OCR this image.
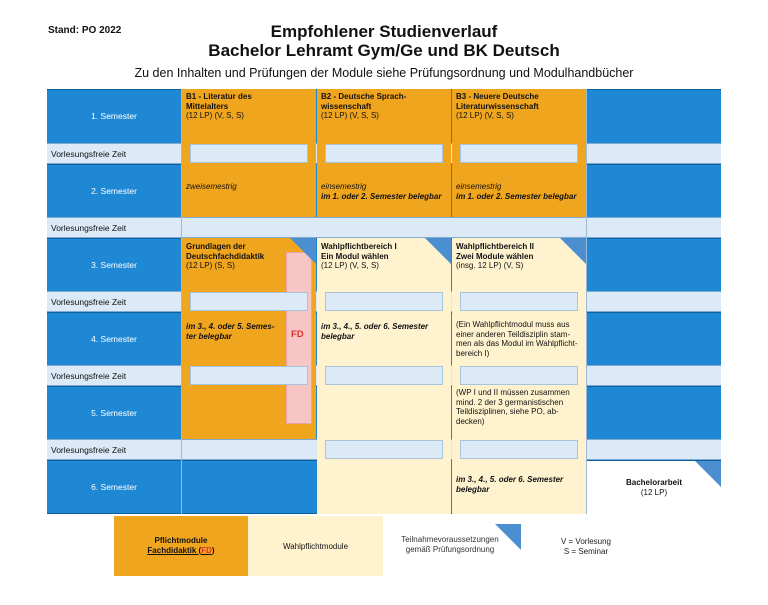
Stand: PO 2022	Empfohlener Studienverlauf
Bachelor Lehramt Gym/Ge und BK Deutsch
Zu den Inhalten und Prüfungen der Module siehe Prüfungsordnung und Modulhandbücher
1. Semester
Vorlesungsfreie Zeit
2. Semester
Vorlesungsfreie Zeit
3. Semester
Vorlesungsfreie Zeit
4. Semester
Vorlesungsfreie Zeit
5. Semester
Vorlesungsfreie Zeit
6. Semester
FD
B1 - Literatur des
Mittelalters
(12 LP) (V, S, S)
zweisemestrig
B2 - Deutsche Sprach-
wissenschaft
(12 LP) (V, S, S)
einsemestrig
im 1. oder 2. Semester belegbar
B3 - Neuere Deutsche
Literaturwissenschaft
(12 LP) (V, S, S)
einsemestrig
im 1. oder 2. Semester belegbar
Grundlagen der
Deutschfachdidaktik
(12 LP) (S, S)
im 3., 4. oder 5. Semes-
ter belegbar
Wahlpflichtbereich I
Ein Modul wählen
(12 LP) (V, S, S)
im 3., 4., 5. oder 6. Semester
belegbar
Wahlpflichtbereich II
Zwei Module wählen
(insg. 12 LP) (V, S)
(Ein Wahlpflichtmodul muss aus
einer anderen Teildisziplin stam-
men als das Modul im Wahlpflicht-
bereich I)
(WP I und II müssen zusammen
mind. 2 der 3 germanistischen
Teildisziplinen, siehe PO, ab-
decken)
im 3., 4., 5. oder 6. Semester
belegbar
Bachelorarbeit
(12 LP)
Pflichtmodule
Fachdidaktik (FD)	Wahlpflichtmodule
Teilnahmevoraussetzungen
gemäß Prüfungsordnung
V = Vorlesung
S = Seminar
